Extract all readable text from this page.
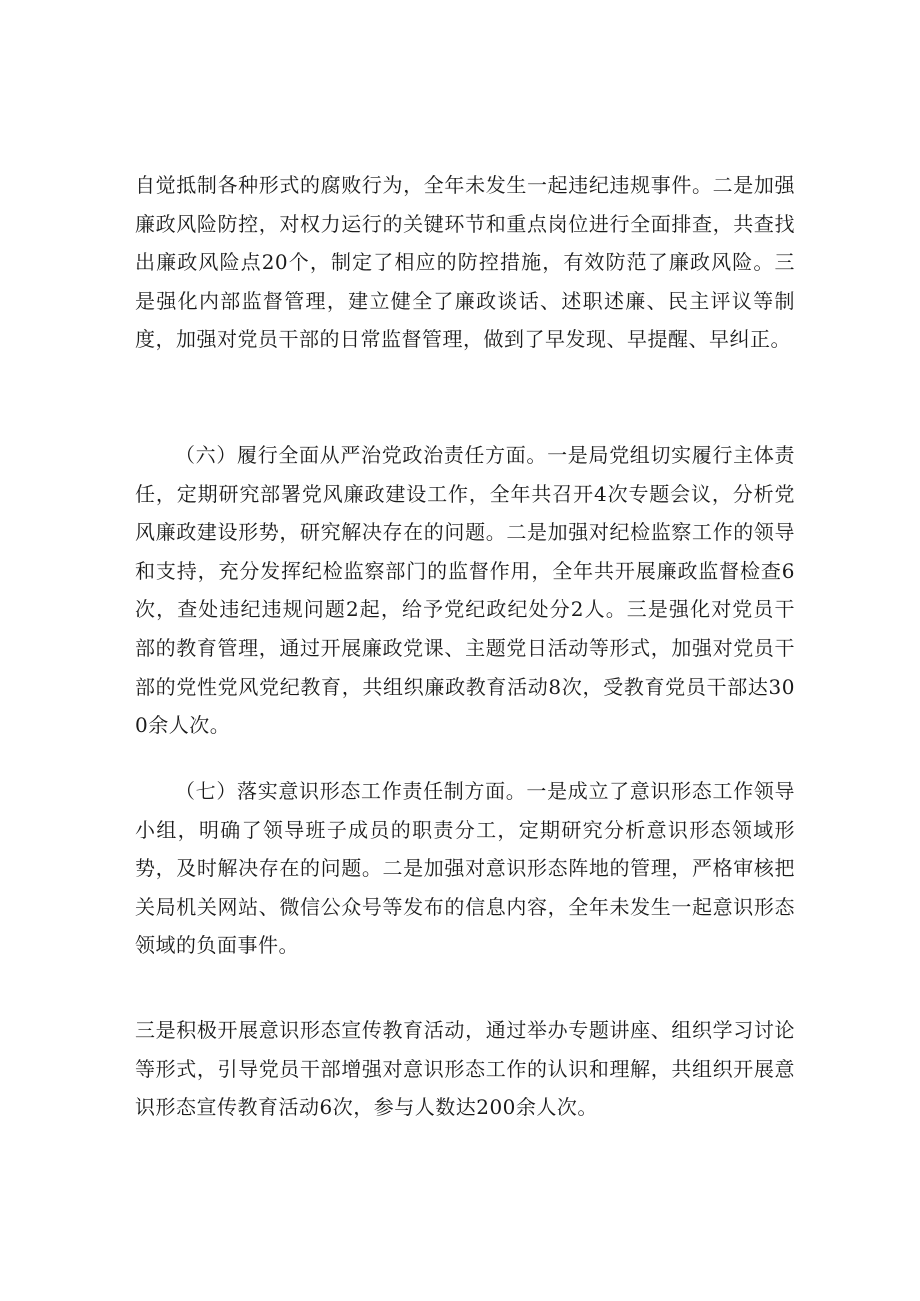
自觉抵制各种形式的腐败行为，全年未发生一起违纪违规事件。二是加强廉政风险防控，对权力运行的关键环节和重点岗位进行全面排查，共查找出廉政风险点20个，制定了相应的防控措施，有效防范了廉政风险。三是强化内部监督管理，建立健全了廉政谈话、述职述廉、民主评议等制度，加强对党员干部的日常监督管理，做到了早发现、早提醒、早纠正。

（六）履行全面从严治党政治责任方面。一是局党组切实履行主体责任，定期研究部署党风廉政建设工作，全年共召开4次专题会议，分析党风廉政建设形势，研究解决存在的问题。二是加强对纪检监察工作的领导和支持，充分发挥纪检监察部门的监督作用，全年共开展廉政监督检查6次，查处违纪违规问题2起，给予党纪政纪处分2人。三是强化对党员干部的教育管理，通过开展廉政党课、主题党日活动等形式，加强对党员干部的党性党风党纪教育，共组织廉政教育活动8次，受教育党员干部达300余人次。

（七）落实意识形态工作责任制方面。一是成立了意识形态工作领导小组，明确了领导班子成员的职责分工，定期研究分析意识形态领域形势，及时解决存在的问题。二是加强对意识形态阵地的管理，严格审核把关局机关网站、微信公众号等发布的信息内容，全年未发生一起意识形态领域的负面事件。

三是积极开展意识形态宣传教育活动，通过举办专题讲座、组织学习讨论等形式，引导党员干部增强对意识形态工作的认识和理解，共组织开展意识形态宣传教育活动6次，参与人数达200余人次。
